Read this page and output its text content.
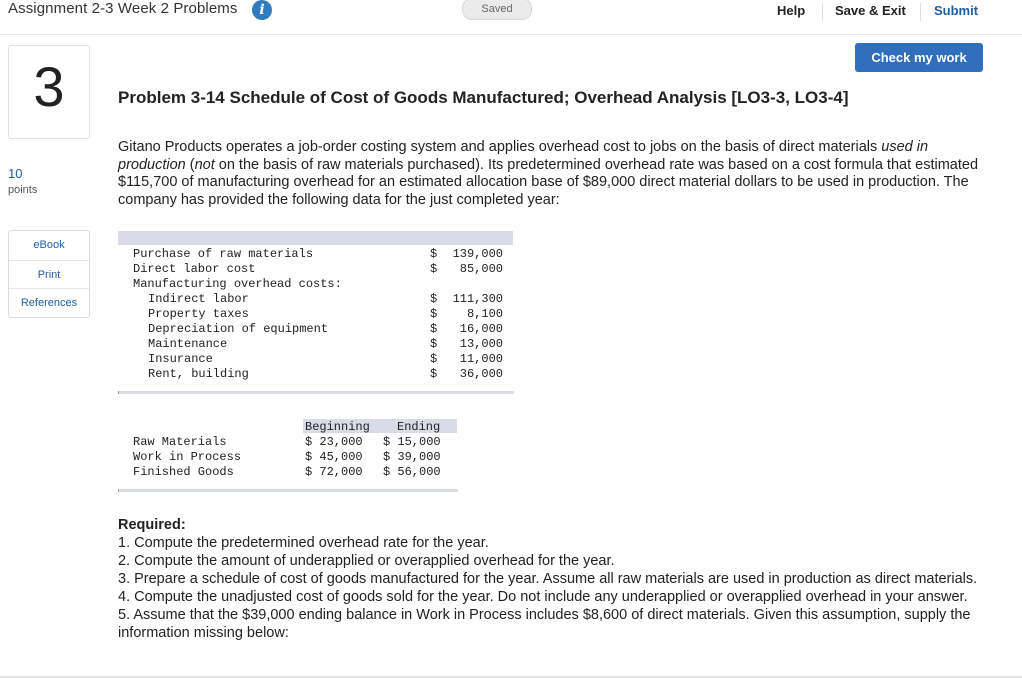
Assignment 2-3 Week 2 Problems	i	Saved	Help Save & Exit Submit
Check my work
3
10
points
eBook
Print
References
Problem 3-14 Schedule of Cost of Goods Manufactured; Overhead Analysis [LO3-3, LO3-4]
Gitano Products operates a job-order costing system and applies overhead cost to jobs on the basis of direct materials used in production (not on the basis of raw materials purchased). Its predetermined overhead rate was based on a cost formula that estimated $115,700 of manufacturing overhead for an estimated allocation base of $89,000 direct material dollars to be used in production. The company has provided the following data for the just completed year:
Purchase of raw materials	$ 139,000
Direct labor cost	$ 85,000
Manufacturing overhead costs:
Indirect labor	$ 111,300
Property taxes	$ 8,100
Depreciation of equipment	$ 16,000
Maintenance	$ 13,000
Insurance	$ 11,000
Rent, building	$ 36,000
Beginning Ending
Raw Materials	$ 23,000 $ 15,000
Work in Process	$ 45,000 $ 39,000
Finished Goods	$ 72,000 $ 56,000
Required:
1. Compute the predetermined overhead rate for the year.
2. Compute the amount of underapplied or overapplied overhead for the year.
3. Prepare a schedule of cost of goods manufactured for the year. Assume all raw materials are used in production as direct materials.
4. Compute the unadjusted cost of goods sold for the year. Do not include any underapplied or overapplied overhead in your answer.
5. Assume that the $39,000 ending balance in Work in Process includes $8,600 of direct materials. Given this assumption, supply the information missing below:
